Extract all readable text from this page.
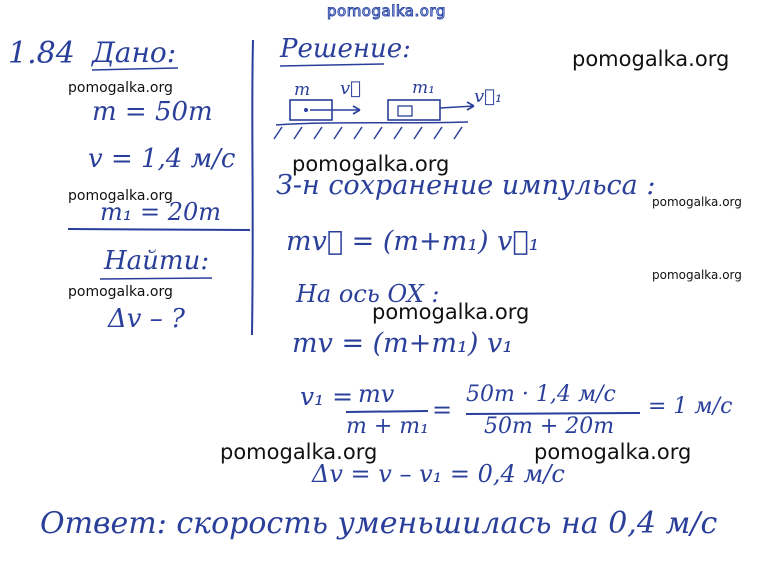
pomogalka.org
1.84 Дано:
m = 50т
v = 1,4 м/с
m₁ = 20т
Найти:
Δv – ?
Решение:
m v⃗	m₁ v⃗₁
З-н сохранение импульса :
mv⃗ = (m+m₁) v⃗₁
На ось OX :
mv = (m+m₁) v₁
v₁ = mv
m + m₁
=
50т · 1,4 м/с
50т + 20т
= 1 м/с
Δv = v – v₁ = 0,4 м/с
Ответ: скорость уменьшилась на 0,4 м/с
pomogalka.org
pomogalka.org
pomogalka.org
pomogalka.org	pomogalka.org
pomogalka.org
pomogalka.org
pomogalka.org
pomogalka.org	pomogalka.org
